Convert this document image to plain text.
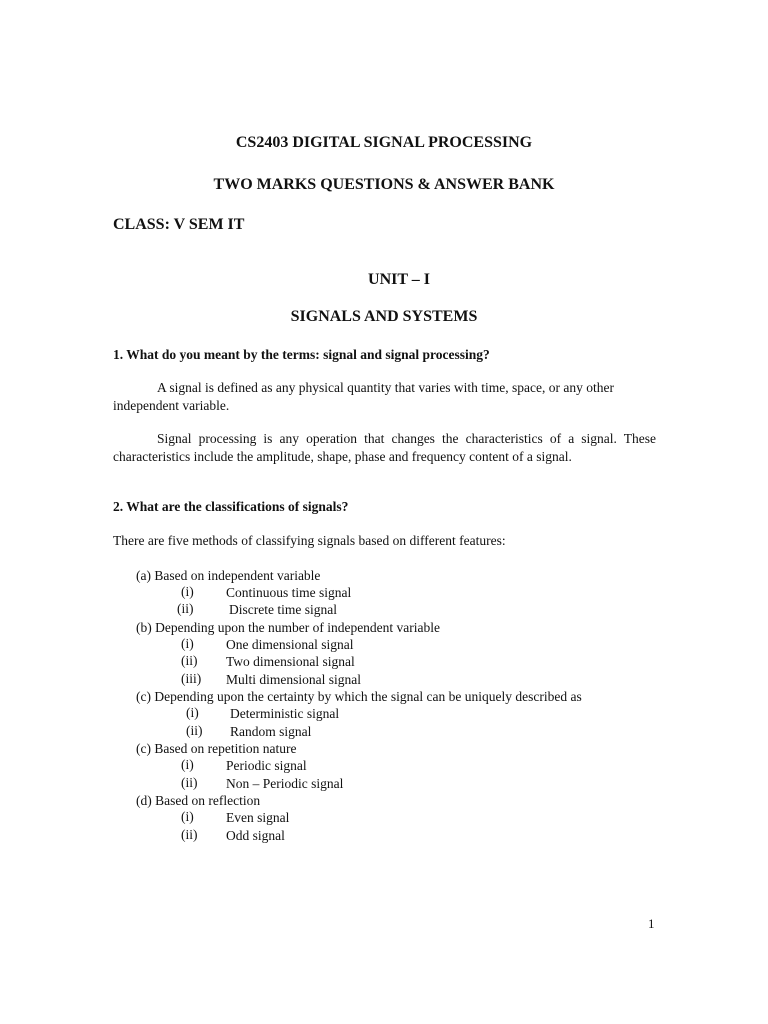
CS2403 DIGITAL SIGNAL PROCESSING
TWO MARKS QUESTIONS & ANSWER BANK
CLASS: V SEM IT
UNIT – I
SIGNALS AND SYSTEMS
1. What do you meant by the terms: signal and signal processing?
A signal is defined as any physical quantity that varies with time, space, or any other independent variable.
Signal processing is any operation that changes the characteristics of a signal. These characteristics include the amplitude, shape, phase and frequency content of a signal.
2. What are the classifications of signals?
There are five methods of classifying signals based on different features:
(a) Based on independent variable
(i) Continuous time signal
(ii)	Discrete time signal
(b) Depending upon the number of independent variable
(i) One dimensional signal
(ii) Two dimensional signal
(iii) Multi dimensional signal
(c) Depending upon the certainty by which the signal can be uniquely described as
(i) Deterministic signal
(ii) Random signal
(c) Based on repetition nature
(i) Periodic signal
(ii) Non – Periodic signal
(d) Based on reflection
(i) Even signal
(ii) Odd signal
1
